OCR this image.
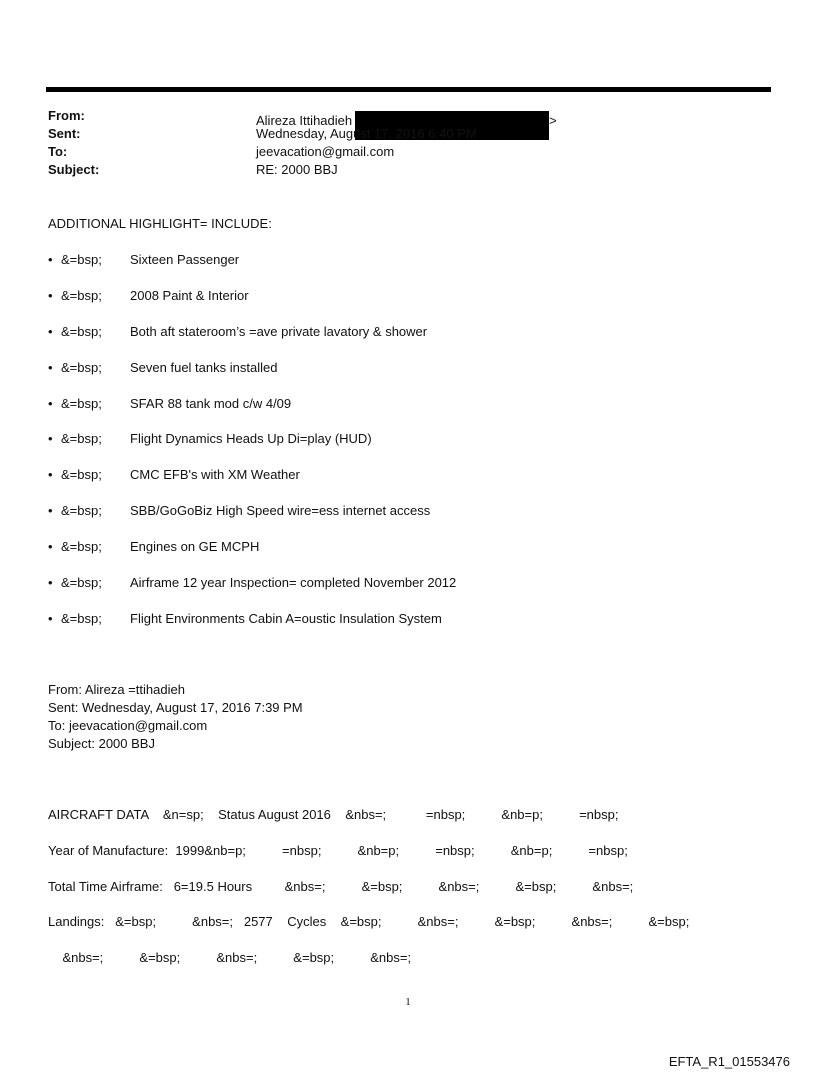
From:	Alireza Ittihadieh	>
Sent:	Wednesday, August 17, 2016 6:40 PM
To:	jeevacation@gmail.com
Subject:	RE: 2000 BBJ
ADDITIONAL HIGHLIGHT= INCLUDE:
• &=bsp; Sixteen Passenger
• &=bsp; 2008 Paint & Interior
• &=bsp; Both aft stateroom’s =ave private lavatory & shower
• &=bsp; Seven fuel tanks installed
• &=bsp; SFAR 88 tank mod c/w 4/09
• &=bsp; Flight Dynamics Heads Up Di=play (HUD)
• &=bsp; CMC EFB's with XM Weather
• &=bsp; SBB/GoGoBiz High Speed wire=ess internet access
• &=bsp; Engines on GE MCPH
• &=bsp; Airframe 12 year Inspection= completed November 2012
• &=bsp; Flight Environments Cabin A=oustic Insulation System
From: Alireza =ttihadieh
Sent: Wednesday, August 17, 2016 7:39 PM
To: jeevacation@gmail.com
Subject: 2000 BBJ
AIRCRAFT DATA    &n=sp;    Status August 2016    &nbs=;           =nbsp;          &nb=p;          =nbsp;
Year of Manufacture:  1999&nb=p;          =nbsp;          &nb=p;          =nbsp;          &nb=p;          =nbsp;
Total Time Airframe:   6=19.5 Hours         &nbs=;          &=bsp;          &nbs=;          &=bsp;          &nbs=;
Landings:   &=bsp;          &nbs=;   2577    Cycles    &=bsp;          &nbs=;          &=bsp;          &nbs=;          &=bsp;
&nbs=;          &=bsp;          &nbs=;          &=bsp;          &nbs=;
1
EFTA_R1_01553476
